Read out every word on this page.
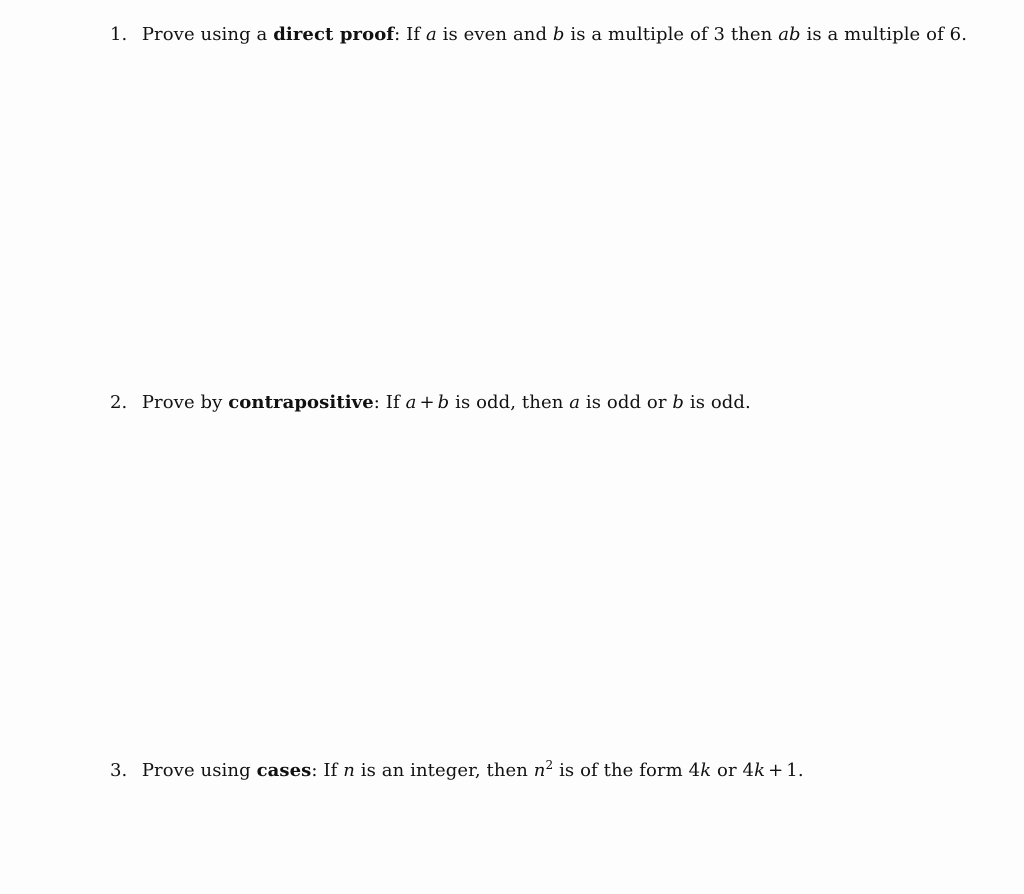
1. Prove using a direct proof: If a is even and b is a multiple of 3 then ab is a multiple of 6.
2. Prove by contrapositive: If a + b is odd, then a is odd or b is odd.
3. Prove using cases: If n is an integer, then $n^2$ is of the form 4k or 4k + 1.
